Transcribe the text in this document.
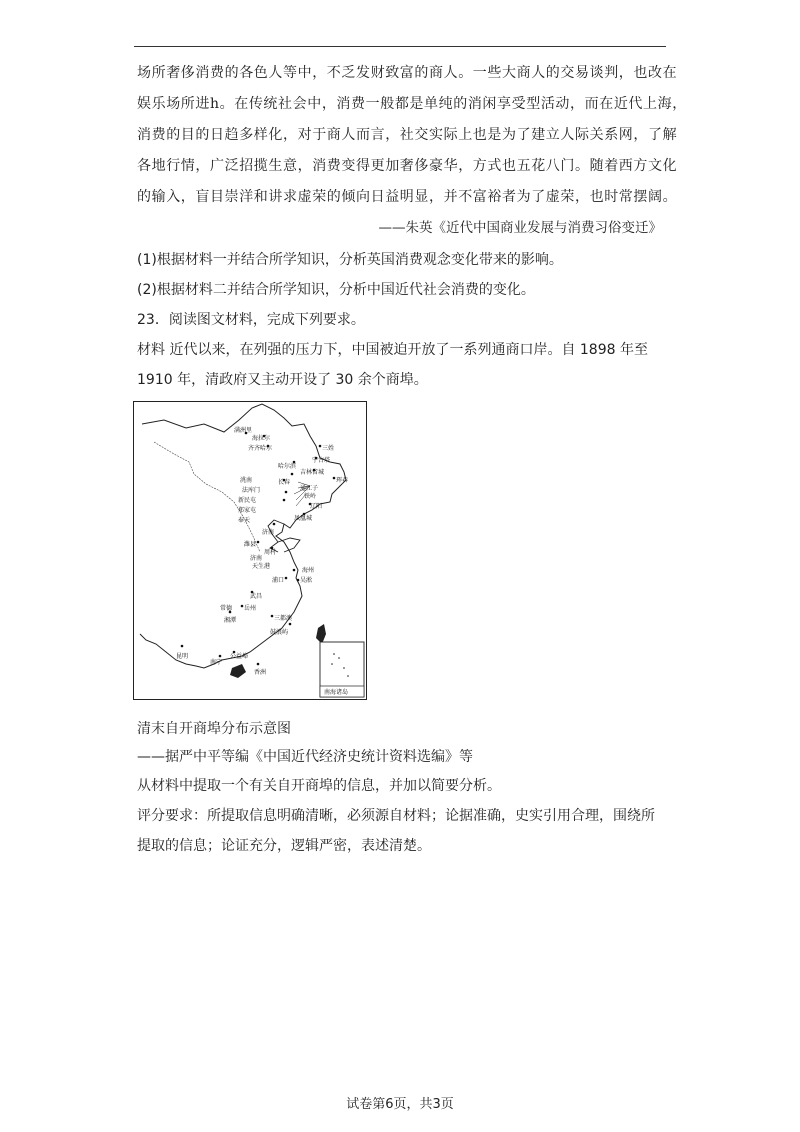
场所奢侈消费的各色人等中，不乏发财致富的商人。一些大商人的交易谈判，也改在
娱乐场所进h。在传统社会中，消费一般都是单纯的消闲享受型活动，而在近代上海，
消费的目的日趋多样化，对于商人而言，社交实际上也是为了建立人际关系网，了解
各地行情，广泛招揽生意，消费变得更加奢侈豪华，方式也五花八门。随着西方文化
的输入，盲目崇洋和讲求虚荣的倾向日益明显，并不富裕者为了虚荣，也时常摆阔。
——朱英《近代中国商业发展与消费习俗变迁》
(1)根据材料一并结合所学知识，分析英国消费观念变化带来的影响。
(2)根据材料二并结合所学知识，分析中国近代社会消费的变化。
23．阅读图文材料，完成下列要求。
材料 近代以来，在列强的压力下，中国被迫开放了一系列通商口岸。自 1898 年至
1910 年，清政府又主动开设了 30 余个商埠。
满洲里
海拉尔
齐齐哈尔
哈尔滨
三姓
宁古塔
吉林省城
珲春
长春
洮南
法库门
新民屯
辽阳
铁岭
通江子
凤凰城
郑家屯
奉天
济南
潍县
周村
济南
天生港
海州
浦口	吴淞
武昌
岳州
常德
湘潭	三都澳
鼓浪屿
昆明
南宁
公益埠
香洲
南海诸岛
清末自开商埠分布示意图
——据严中平等编《中国近代经济史统计资料选编》等
从材料中提取一个有关自开商埠的信息，并加以简要分析。
评分要求：所提取信息明确清晰，必须源自材料；论据准确，史实引用合理，围绕所
提取的信息；论证充分，逻辑严密，表述清楚。
试卷第6页，共3页
